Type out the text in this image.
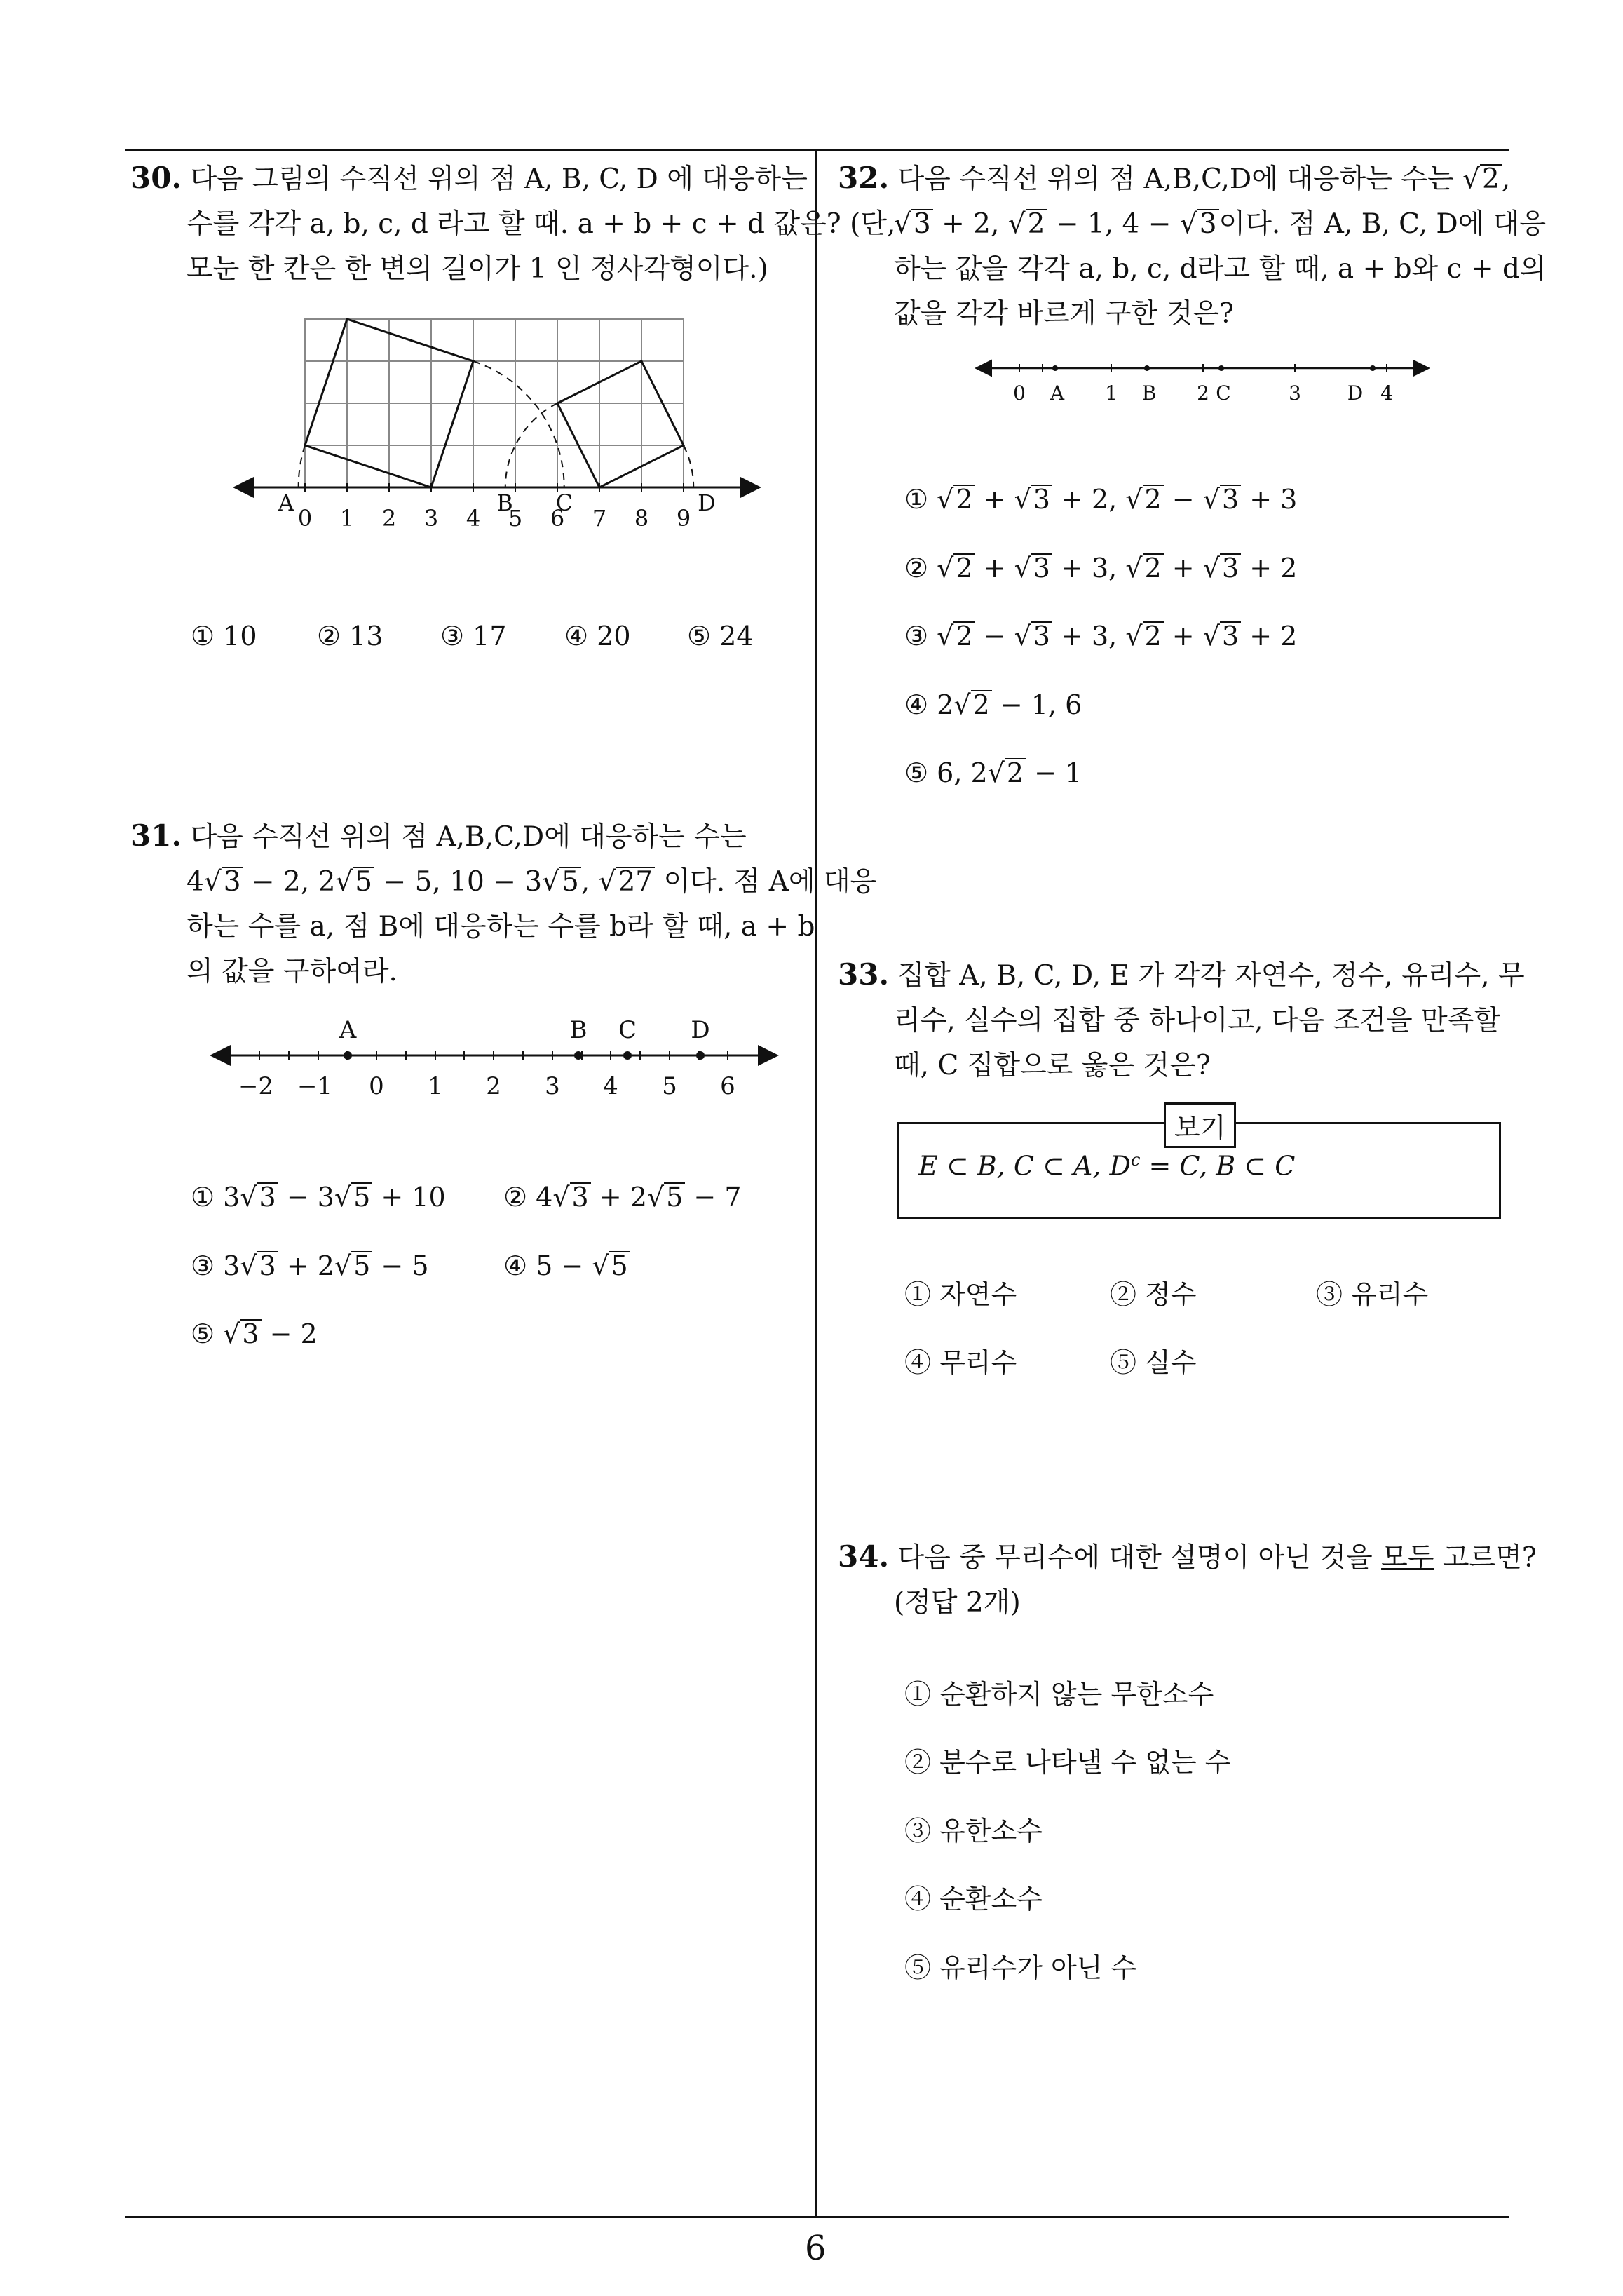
30. 다음 그림의 수직선 위의 점 A, B, C, D 에 대응하는
수를 각각 a, b, c, d 라고 할 때. a + b + c + d 값은? (단,
모눈 한 칸은 한 변의 길이가 1 인 정사각형이다.)
0 1 2 3 4 5 6 7 8 9
A	B C	D
① 10 ② 13 ③ 17 ④ 20 ⑤ 24
31. 다음 수직선 위의 점 A,B,C,D에 대응하는 수는
4√3 − 2, 2√5 − 5, 10 − 3√5, √27 이다. 점 A에 대응
하는 수를 a, 점 B에 대응하는 수를 b라 할 때, a + b
의 값을 구하여라.
A	B C D
−2 −1 0 1 2 3 4 5 6
① 3√3 − 3√5 + 10 ② 4√3 + 2√5 − 7
③ 3√3 + 2√5 − 5	④ 5 − √5
⑤ √3 − 2
32. 다음 수직선 위의 점 A,B,C,D에 대응하는 수는 √2,
√3 + 2, √2 − 1, 4 − √3이다. 점 A, B, C, D에 대응
하는 값을 각각 a, b, c, d라고 할 때, a + b와 c + d의
값을 각각 바르게 구한 것은?
0	1	2	3	4
A	B	C	D
① √2 + √3 + 2, √2 − √3 + 3
② √2 + √3 + 3, √2 + √3 + 2
③ √2 − √3 + 3, √2 + √3 + 2
④ 2√2 − 1, 6
⑤ 6, 2√2 − 1
33. 집합 A, B, C, D, E 가 각각 자연수, 정수, 유리수, 무
리수, 실수의 집합 중 하나이고, 다음 조건을 만족할
때, C 집합으로 옳은 것은?
보기
E ⊂ B, C ⊂ A, $D^c = C$, B ⊂ C
① 자연수	② 정수	③ 유리수
④ 무리수	⑤ 실수
34. 다음 중 무리수에 대한 설명이 아닌 것을 모두 고르면?
(정답 2개)
① 순환하지 않는 무한소수
② 분수로 나타낼 수 없는 수
③ 유한소수
④ 순환소수
⑤ 유리수가 아닌 수
6
